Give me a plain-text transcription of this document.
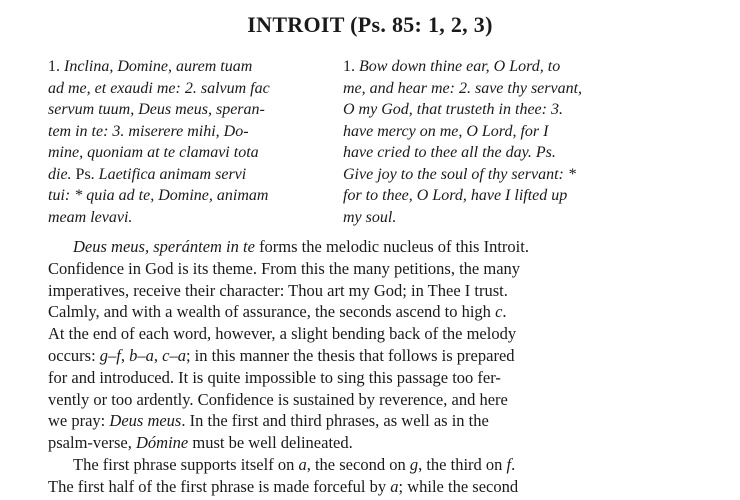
INTROIT (Ps. 85: 1, 2, 3)
1. Inclina, Domine, aurem tuam
ad me, et exaudi me: 2. salvum fac
servum tuum, Deus meus, speran-
tem in te: 3. miserere mihi, Do-
mine, quoniam at te clamavi tota
die. Ps. Laetifica animam servi
tui: * quia ad te, Domine, animam
meam levavi.
1. Bow down thine ear, O Lord, to
me, and hear me: 2. save thy servant,
O my God, that trusteth in thee: 3.
have mercy on me, O Lord, for I
have cried to thee all the day. Ps.
Give joy to the soul of thy servant: *
for to thee, O Lord, have I lifted up
my soul.
Deus meus, sperántem in te forms the melodic nucleus of this Introit.
Confidence in God is its theme. From this the many petitions, the many
imperatives, receive their character: Thou art my God; in Thee I trust.
Calmly, and with a wealth of assurance, the seconds ascend to high c.
At the end of each word, however, a slight bending back of the melody
occurs: g–f, b–a, c–a; in this manner the thesis that follows is prepared
for and introduced. It is quite impossible to sing this passage too fer-
vently or too ardently. Confidence is sustained by reverence, and here
we pray: Deus meus. In the first and third phrases, as well as in the
psalm-verse, Dómine must be well delineated.
The first phrase supports itself on a, the second on g, the third on f.
The first half of the first phrase is made forceful by a; while the second
